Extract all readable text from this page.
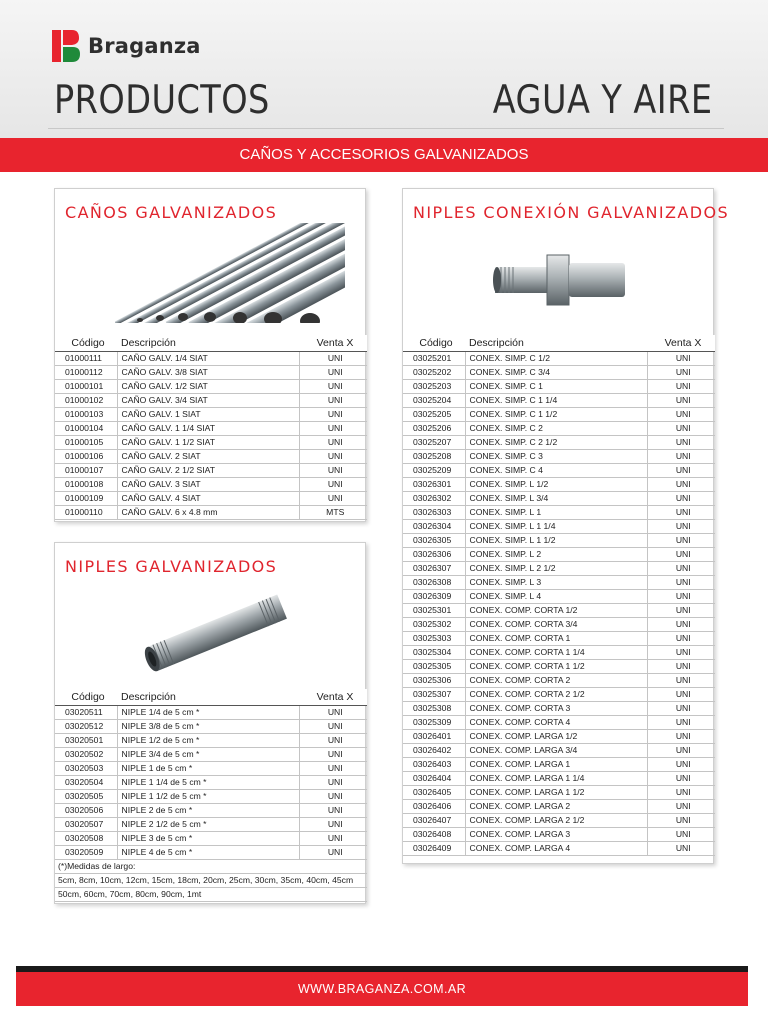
Braganza
PRODUCTOS	AGUA Y AIRE
CAÑOS Y ACCESORIOS GALVANIZADOS
CAÑOS GALVANIZADOS
Código	Descripción	Venta X
01000111	CAÑO GALV. 1/4 SIAT	UNI
01000112	CAÑO GALV. 3/8 SIAT	UNI
01000101	CAÑO GALV. 1/2 SIAT	UNI
01000102	CAÑO GALV. 3/4 SIAT	UNI
01000103	CAÑO GALV. 1 SIAT	UNI
01000104	CAÑO GALV. 1 1/4 SIAT	UNI
01000105	CAÑO GALV. 1 1/2 SIAT	UNI
01000106	CAÑO GALV. 2 SIAT	UNI
01000107	CAÑO GALV. 2 1/2 SIAT	UNI
01000108	CAÑO GALV. 3 SIAT	UNI
01000109	CAÑO GALV. 4 SIAT	UNI
01000110	CAÑO GALV. 6 x 4.8 mm	MTS
NIPLES GALVANIZADOS
Código	Descripción	Venta X
03020511	NIPLE 1/4 de 5 cm *	UNI
03020512	NIPLE 3/8 de 5 cm *	UNI
03020501	NIPLE 1/2 de 5 cm *	UNI
03020502	NIPLE 3/4 de 5 cm *	UNI
03020503	NIPLE 1 de 5 cm *	UNI
03020504	NIPLE 1 1/4 de 5 cm *	UNI
03020505	NIPLE 1 1/2 de 5 cm *	UNI
03020506	NIPLE 2 de 5 cm *	UNI
03020507	NIPLE 2 1/2 de 5 cm *	UNI
03020508	NIPLE 3 de 5 cm *	UNI
03020509	NIPLE 4 de 5 cm *	UNI
(*)Medidas de largo:		
5cm, 8cm, 10cm, 12cm, 15cm, 18cm, 20cm, 25cm, 30cm, 35cm, 40cm, 45cm		
50cm, 60cm, 70cm, 80cm, 90cm, 1mt		
NIPLES CONEXIÓN GALVANIZADOS
Código	Descripción	Venta X
03025201	CONEX. SIMP. C 1/2	UNI
03025202	CONEX. SIMP. C 3/4	UNI
03025203	CONEX. SIMP. C 1	UNI
03025204	CONEX. SIMP. C 1 1/4	UNI
03025205	CONEX. SIMP. C 1 1/2	UNI
03025206	CONEX. SIMP. C 2	UNI
03025207	CONEX. SIMP. C 2 1/2	UNI
03025208	CONEX. SIMP. C 3	UNI
03025209	CONEX. SIMP. C 4	UNI
03026301	CONEX. SIMP. L 1/2	UNI
03026302	CONEX. SIMP. L 3/4	UNI
03026303	CONEX. SIMP. L 1	UNI
03026304	CONEX. SIMP. L 1 1/4	UNI
03026305	CONEX. SIMP. L 1 1/2	UNI
03026306	CONEX. SIMP. L 2	UNI
03026307	CONEX. SIMP. L 2 1/2	UNI
03026308	CONEX. SIMP. L 3	UNI
03026309	CONEX. SIMP. L 4	UNI
03025301	CONEX. COMP. CORTA 1/2	UNI
03025302	CONEX. COMP. CORTA 3/4	UNI
03025303	CONEX. COMP. CORTA 1	UNI
03025304	CONEX. COMP. CORTA 1 1/4	UNI
03025305	CONEX. COMP. CORTA 1 1/2	UNI
03025306	CONEX. COMP. CORTA 2	UNI
03025307	CONEX. COMP. CORTA 2 1/2	UNI
03025308	CONEX. COMP. CORTA 3	UNI
03025309	CONEX. COMP. CORTA 4	UNI
03026401	CONEX. COMP. LARGA 1/2	UNI
03026402	CONEX. COMP. LARGA 3/4	UNI
03026403	CONEX. COMP. LARGA 1	UNI
03026404	CONEX. COMP. LARGA 1 1/4	UNI
03026405	CONEX. COMP. LARGA 1 1/2	UNI
03026406	CONEX. COMP. LARGA 2	UNI
03026407	CONEX. COMP. LARGA 2 1/2	UNI
03026408	CONEX. COMP. LARGA 3	UNI
03026409	CONEX. COMP. LARGA 4	UNI
WWW.BRAGANZA.COM.AR
